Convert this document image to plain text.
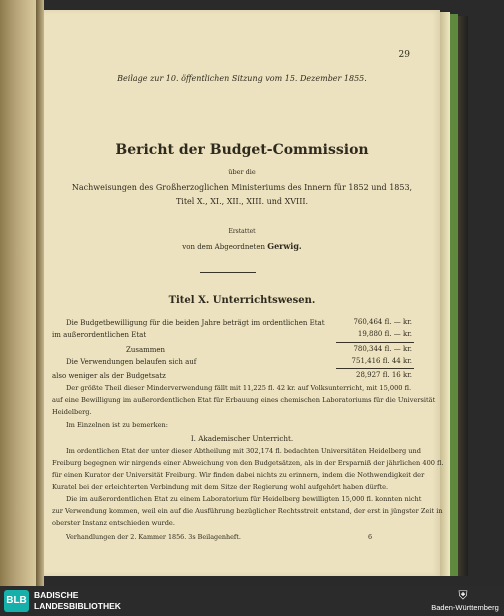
29
Beilage zur 10. öffentlichen Sitzung vom 15. Dezember 1855.
Bericht der Budget-Commission
über die
Nachweisungen des Großherzoglichen Ministeriums des Innern für 1852 und 1853,
Titel X., XI., XII., XIII. und XVIII.
Erstattet
von dem Abgeordneten Gerwig.
Titel X. Unterrichtswesen.
Die Budgetbewilligung für die beiden Jahre beträgt im ordentlichen Etat	760,464 fl. — kr.
im außerordentlichen Etat	19,880 fl. — kr.
Zusammen	780,344 fl. — kr.
Die Verwendungen belaufen sich auf	751,416 fl. 44 kr.
also weniger als der Budgetsatz	28,927 fl. 16 kr.
Der größte Theil dieser Minderverwendung fällt mit 11,225 fl. 42 kr. auf Volksunterricht, mit 15,000 fl.
auf eine Bewilligung im außerordentlichen Etat für Erbauung eines chemischen Laboratoriums für die Universität
Heidelberg.
Im Einzelnen ist zu bemerken:
I. Akademischer Unterricht.
Im ordentlichen Etat der unter dieser Abtheilung mit 302,174 fl. bedachten Universitäten Heidelberg und
Freiburg begegnen wir nirgends einer Abweichung von den Budgetsätzen, als in der Ersparniß der jährlichen 400 fl.
für einen Kurator der Universität Freiburg. Wir finden dabei nichts zu erinnern, indem die Nothwendigkeit der
Kuratel bei der erleichterten Verbindung mit dem Sitze der Regierung wohl aufgehört haben dürfte.
Die im außerordentlichen Etat zu einem Laboratorium für Heidelberg bewilligten 15,000 fl. konnten nicht
zur Verwendung kommen, weil ein auf die Ausführung bezüglicher Rechtsstreit entstand, der erst in jüngster Zeit in
oberster Instanz entschieden wurde.
Verhandlungen der 2. Kammer 1856. 3s Beilagenheft.	6
BLB BADISCHE
LANDESBIBLIOTHEK
⛨
Baden-Württemberg
